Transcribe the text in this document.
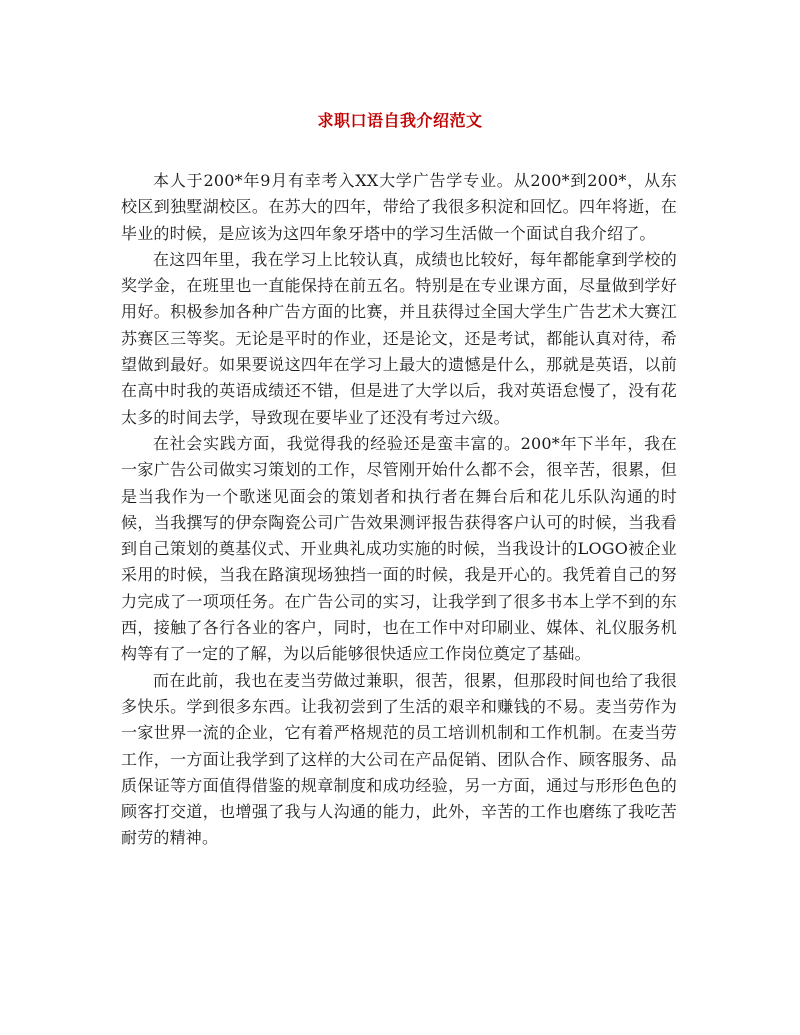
求职口语自我介绍范文

本人于200*年9月有幸考入XX大学广告学专业。从200*到200*，从东校区到独墅湖校区。在苏大的四年，带给了我很多积淀和回忆。四年将逝，在毕业的时候，是应该为这四年象牙塔中的学习生活做一个面试自我介绍了。

在这四年里，我在学习上比较认真，成绩也比较好，每年都能拿到学校的奖学金，在班里也一直能保持在前五名。特别是在专业课方面，尽量做到学好用好。积极参加各种广告方面的比赛，并且获得过全国大学生广告艺术大赛江苏赛区三等奖。无论是平时的作业，还是论文，还是考试，都能认真对待，希望做到最好。如果要说这四年在学习上最大的遗憾是什么，那就是英语，以前在高中时我的英语成绩还不错，但是进了大学以后，我对英语怠慢了，没有花太多的时间去学，导致现在要毕业了还没有考过六级。

在社会实践方面，我觉得我的经验还是蛮丰富的。200*年下半年，我在一家广告公司做实习策划的工作，尽管刚开始什么都不会，很辛苦，很累，但是当我作为一个歌迷见面会的策划者和执行者在舞台后和花儿乐队沟通的时候，当我撰写的伊奈陶瓷公司广告效果测评报告获得客户认可的时候，当我看到自己策划的奠基仪式、开业典礼成功实施的时候，当我设计的LOGO被企业采用的时候，当我在路演现场独挡一面的时候，我是开心的。我凭着自己的努力完成了一项项任务。在广告公司的实习，让我学到了很多书本上学不到的东西，接触了各行各业的客户，同时，也在工作中对印刷业、媒体、礼仪服务机构等有了一定的了解，为以后能够很快适应工作岗位奠定了基础。

而在此前，我也在麦当劳做过兼职，很苦，很累，但那段时间也给了我很多快乐。学到很多东西。让我初尝到了生活的艰辛和赚钱的不易。麦当劳作为一家世界一流的企业，它有着严格规范的员工培训机制和工作机制。在麦当劳工作，一方面让我学到了这样的大公司在产品促销、团队合作、顾客服务、品质保证等方面值得借鉴的规章制度和成功经验，另一方面，通过与形形色色的顾客打交道，也增强了我与人沟通的能力，此外，辛苦的工作也磨练了我吃苦耐劳的精神。
